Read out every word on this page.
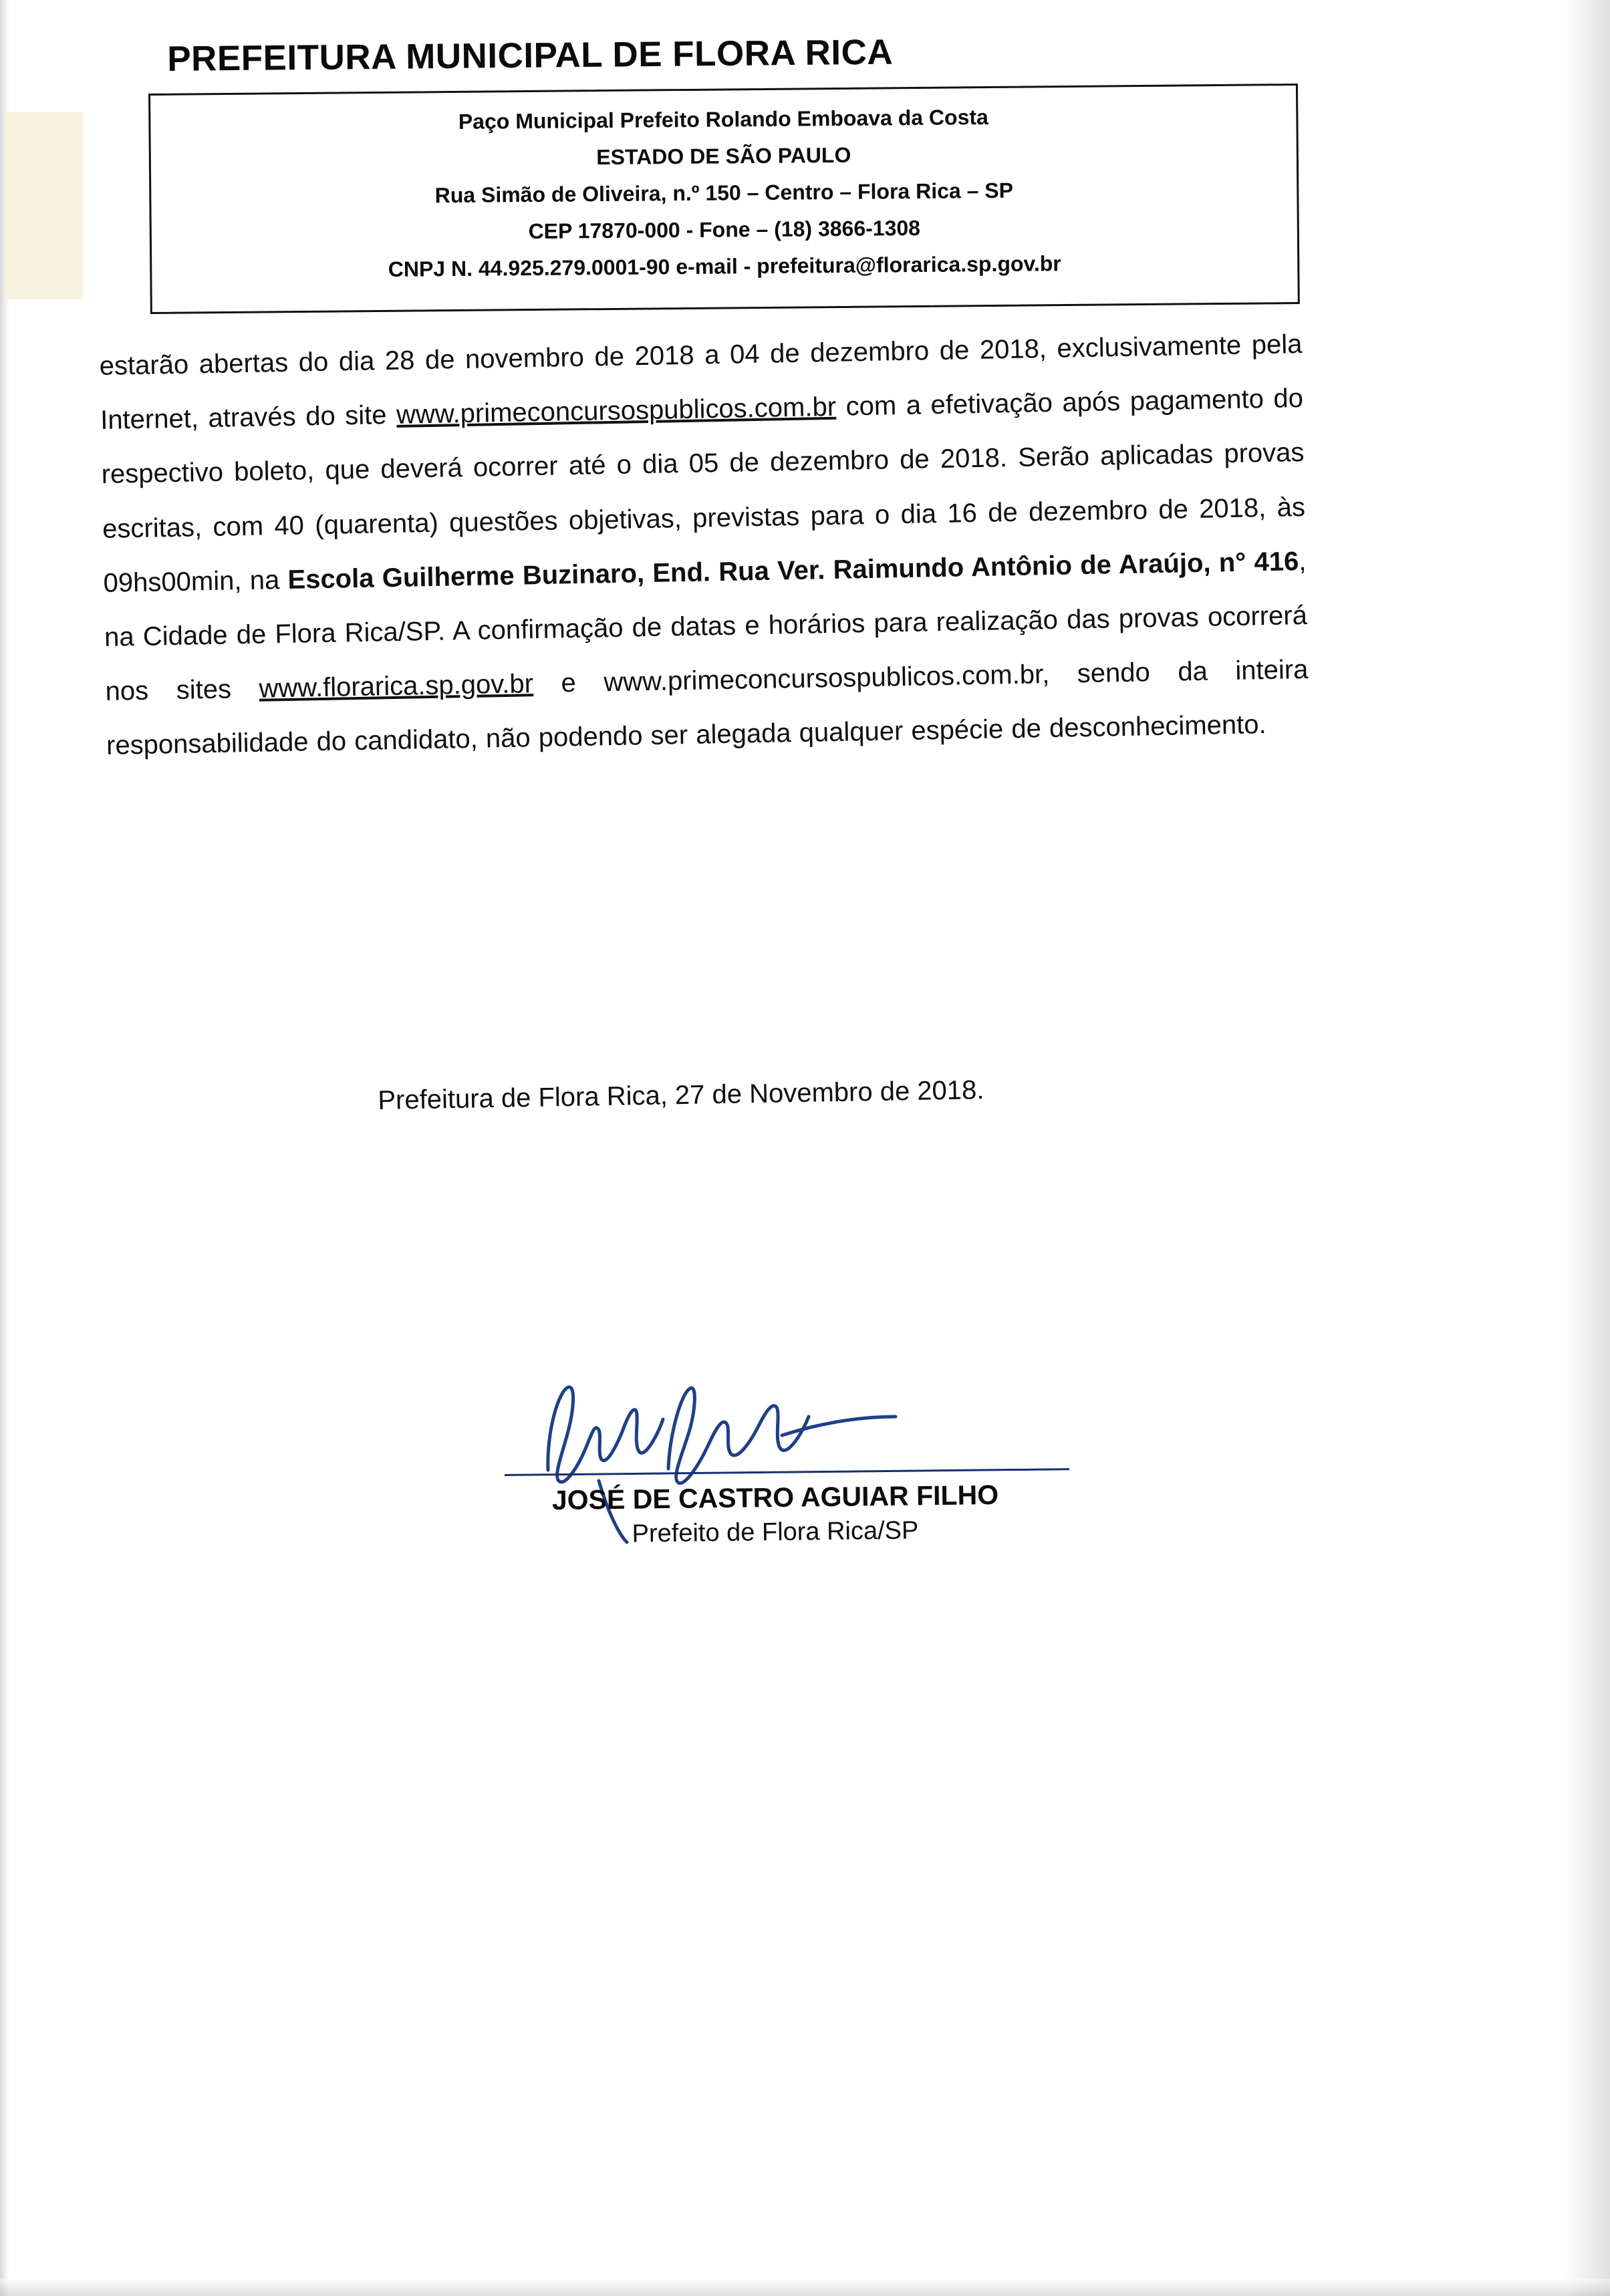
PREFEITURA MUNICIPAL DE FLORA RICA
Paço Municipal Prefeito Rolando Emboava da Costa
ESTADO DE SÃO PAULO
Rua Simão de Oliveira, n.º 150 – Centro – Flora Rica – SP
CEP 17870-000 - Fone – (18) 3866-1308
CNPJ N. 44.925.279.0001-90 e-mail - prefeitura@florarica.sp.gov.br

estarão abertas do dia 28 de novembro de 2018 a 04 de dezembro de 2018, exclusivamente pela Internet, através do site www.primeconcursospublicos.com.br com a efetivação após pagamento do respectivo boleto, que deverá ocorrer até o dia 05 de dezembro de 2018. Serão aplicadas provas escritas, com 40 (quarenta) questões objetivas, previstas para o dia 16 de dezembro de 2018, às 09hs00min, na Escola Guilherme Buzinaro, End. Rua Ver. Raimundo Antônio de Araújo, n° 416, na Cidade de Flora Rica/SP. A confirmação de datas e horários para realização das provas ocorrerá nos sites www.florarica.sp.gov.br e www.primeconcursospublicos.com.br, sendo da inteira responsabilidade do candidato, não podendo ser alegada qualquer espécie de desconhecimento.

Prefeitura de Flora Rica, 27 de Novembro de 2018.
JOSÉ DE CASTRO AGUIAR FILHO
Prefeito de Flora Rica/SP
